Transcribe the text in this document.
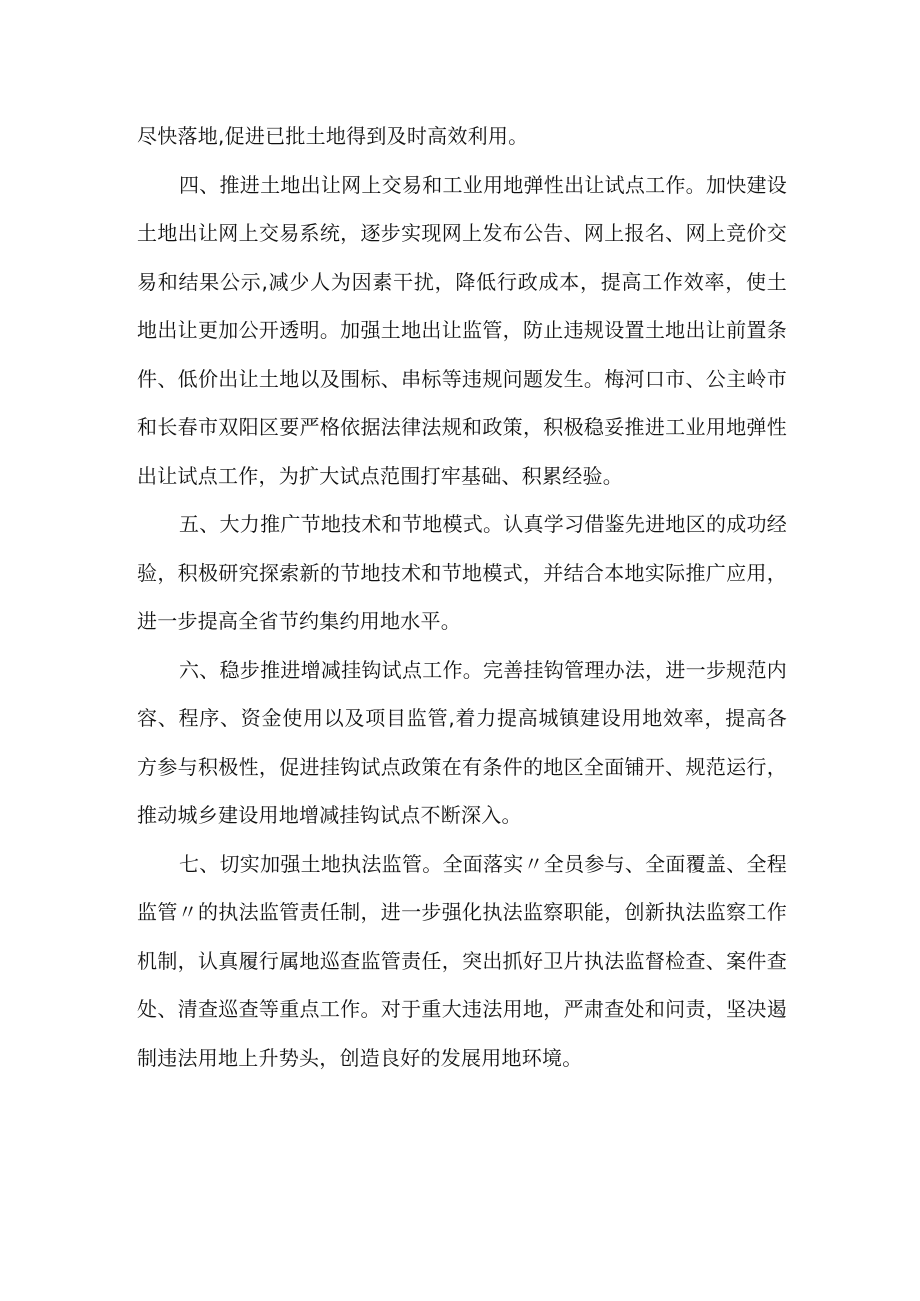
尽快落地,促进已批土地得到及时高效利用。

四、推进土地出让网上交易和工业用地弹性出让试点工作。加快建设土地出让网上交易系统，逐步实现网上发布公告、网上报名、网上竞价交易和结果公示,减少人为因素干扰，降低行政成本，提高工作效率，使土地出让更加公开透明。加强土地出让监管，防止违规设置土地出让前置条件、低价出让土地以及围标、串标等违规问题发生。梅河口市、公主岭市和长春市双阳区要严格依据法律法规和政策，积极稳妥推进工业用地弹性出让试点工作，为扩大试点范围打牢基础、积累经验。

五、大力推广节地技术和节地模式。认真学习借鉴先进地区的成功经验，积极研究探索新的节地技术和节地模式，并结合本地实际推广应用，进一步提高全省节约集约用地水平。

六、稳步推进增减挂钩试点工作。完善挂钩管理办法，进一步规范内容、程序、资金使用以及项目监管,着力提高城镇建设用地效率，提高各方参与积极性，促进挂钩试点政策在有条件的地区全面铺开、规范运行，推动城乡建设用地增减挂钩试点不断深入。

七、切实加强土地执法监管。全面落实〃全员参与、全面覆盖、全程监管〃的执法监管责任制，进一步强化执法监察职能，创新执法监察工作机制，认真履行属地巡查监管责任，突出抓好卫片执法监督检查、案件查处、清查巡查等重点工作。对于重大违法用地，严肃查处和问责，坚决遏制违法用地上升势头，创造良好的发展用地环境。
